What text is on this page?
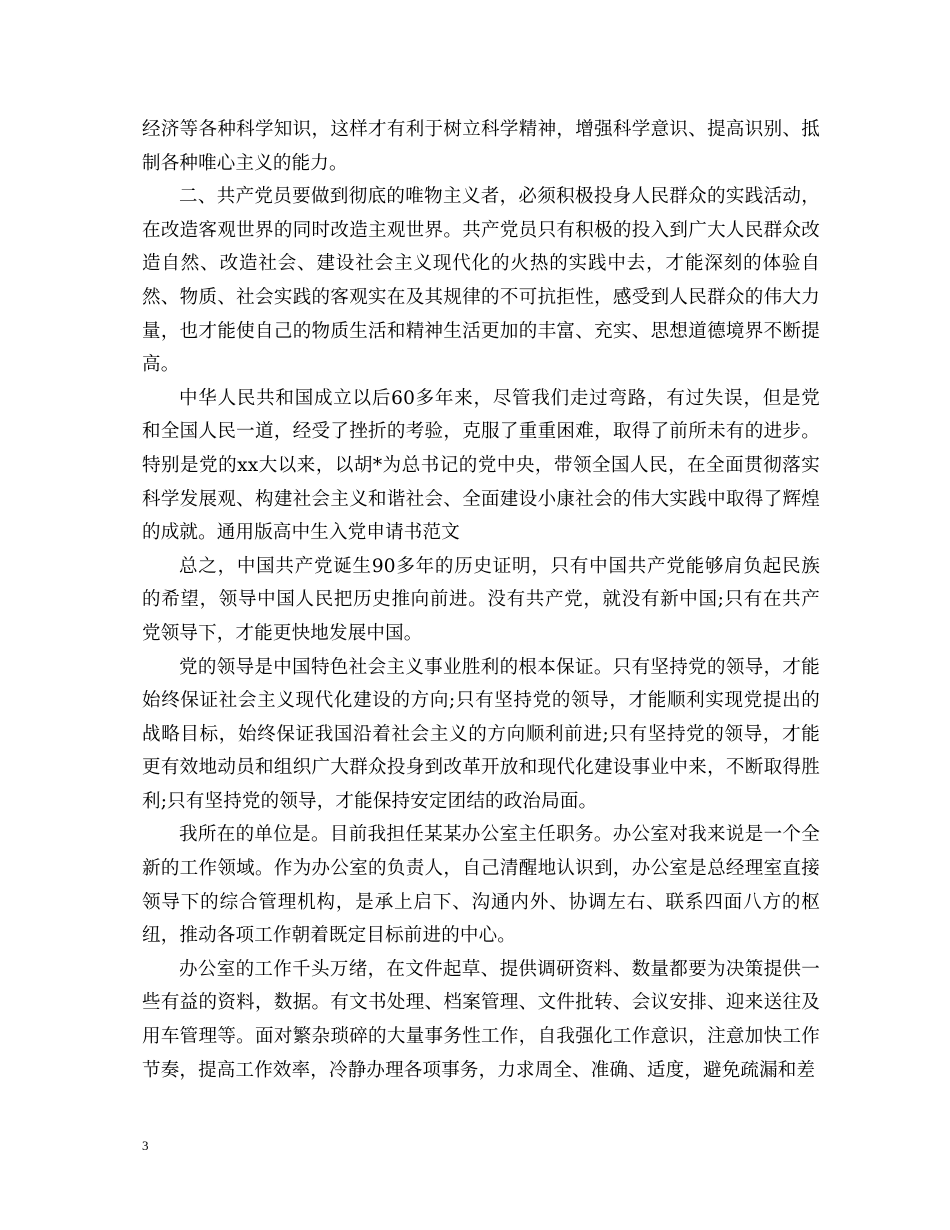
经济等各种科学知识，这样才有利于树立科学精神，增强科学意识、提高识别、抵制各种唯心主义的能力。

二、共产党员要做到彻底的唯物主义者，必须积极投身人民群众的实践活动，在改造客观世界的同时改造主观世界。共产党员只有积极的投入到广大人民群众改造自然、改造社会、建设社会主义现代化的火热的实践中去，才能深刻的体验自然、物质、社会实践的客观实在及其规律的不可抗拒性，感受到人民群众的伟大力量，也才能使自己的物质生活和精神生活更加的丰富、充实、思想道德境界不断提高。

中华人民共和国成立以后60多年来，尽管我们走过弯路，有过失误，但是党和全国人民一道，经受了挫折的考验，克服了重重困难，取得了前所未有的进步。特别是党的xx大以来，以胡*为总书记的党中央，带领全国人民，在全面贯彻落实科学发展观、构建社会主义和谐社会、全面建设小康社会的伟大实践中取得了辉煌的成就。通用版高中生入党申请书范文

总之，中国共产党诞生90多年的历史证明，只有中国共产党能够肩负起民族的希望，领导中国人民把历史推向前进。没有共产党，就没有新中国;只有在共产党领导下，才能更快地发展中国。

党的领导是中国特色社会主义事业胜利的根本保证。只有坚持党的领导，才能始终保证社会主义现代化建设的方向;只有坚持党的领导，才能顺利实现党提出的战略目标，始终保证我国沿着社会主义的方向顺利前进;只有坚持党的领导，才能更有效地动员和组织广大群众投身到改革开放和现代化建设事业中来，不断取得胜利;只有坚持党的领导，才能保持安定团结的政治局面。

我所在的单位是。目前我担任某某办公室主任职务。办公室对我来说是一个全新的工作领域。作为办公室的负责人，自己清醒地认识到，办公室是总经理室直接领导下的综合管理机构，是承上启下、沟通内外、协调左右、联系四面八方的枢纽，推动各项工作朝着既定目标前进的中心。

办公室的工作千头万绪，在文件起草、提供调研资料、数量都要为决策提供一些有益的资料，数据。有文书处理、档案管理、文件批转、会议安排、迎来送往及用车管理等。面对繁杂琐碎的大量事务性工作，自我强化工作意识，注意加快工作节奏，提高工作效率，冷静办理各项事务，力求周全、准确、适度，避免疏漏和差

3
